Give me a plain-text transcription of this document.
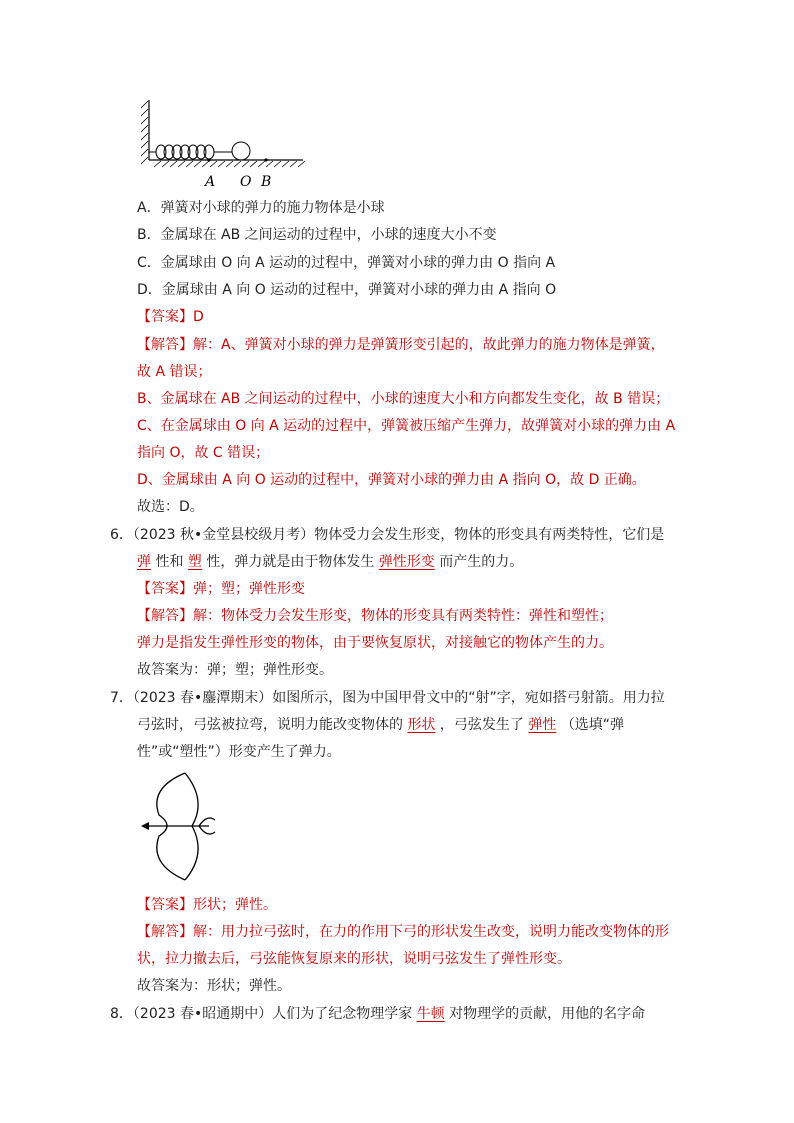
A O B
A．弹簧对小球的弹力的施力物体是小球
B．金属球在 AB 之间运动的过程中，小球的速度大小不变
C．金属球由 O 向 A 运动的过程中，弹簧对小球的弹力由 O 指向 A
D．金属球由 A 向 O 运动的过程中，弹簧对小球的弹力由 A 指向 O
【答案】D
【解答】解：A、弹簧对小球的弹力是弹簧形变引起的，故此弹力的施力物体是弹簧，
故 A 错误；
B、金属球在 AB 之间运动的过程中，小球的速度大小和方向都发生变化，故 B 错误；
C、在金属球由 O 向 A 运动的过程中，弹簧被压缩产生弹力，故弹簧对小球的弹力由 A
指向 O，故 C 错误；
D、金属球由 A 向 O 运动的过程中，弹簧对小球的弹力由 A 指向 O，故 D 正确。
故选：D。
6．（2023 秋•金堂县校级月考）物体受力会发生形变，物体的形变具有两类特性，它们是
弹 性和 塑 性，弹力就是由于物体发生 弹性形变 而产生的力。
【答案】弹；塑；弹性形变
【解答】解：物体受力会发生形变，物体的形变具有两类特性：弹性和塑性；
弹力是指发生弹性形变的物体，由于要恢复原状，对接触它的物体产生的力。
故答案为：弹；塑；弹性形变。
7．（2023 春•鏖潭期末）如图所示，图为中国甲骨文中的“射”字，宛如搭弓射箭。用力拉
弓弦时，弓弦被拉弯，说明力能改变物体的 形状 ，弓弦发生了 弹性 （选填“弹
性”或“塑性”）形变产生了弹力。
【答案】形状；弹性。
【解答】解：用力拉弓弦时，在力的作用下弓的形状发生改变，说明力能改变物体的形
状，拉力撤去后，弓弦能恢复原来的形状，说明弓弦发生了弹性形变。
故答案为：形状；弹性。
8．（2023 春•昭通期中）人们为了纪念物理学家 牛顿 对物理学的贡献，用他的名字命
